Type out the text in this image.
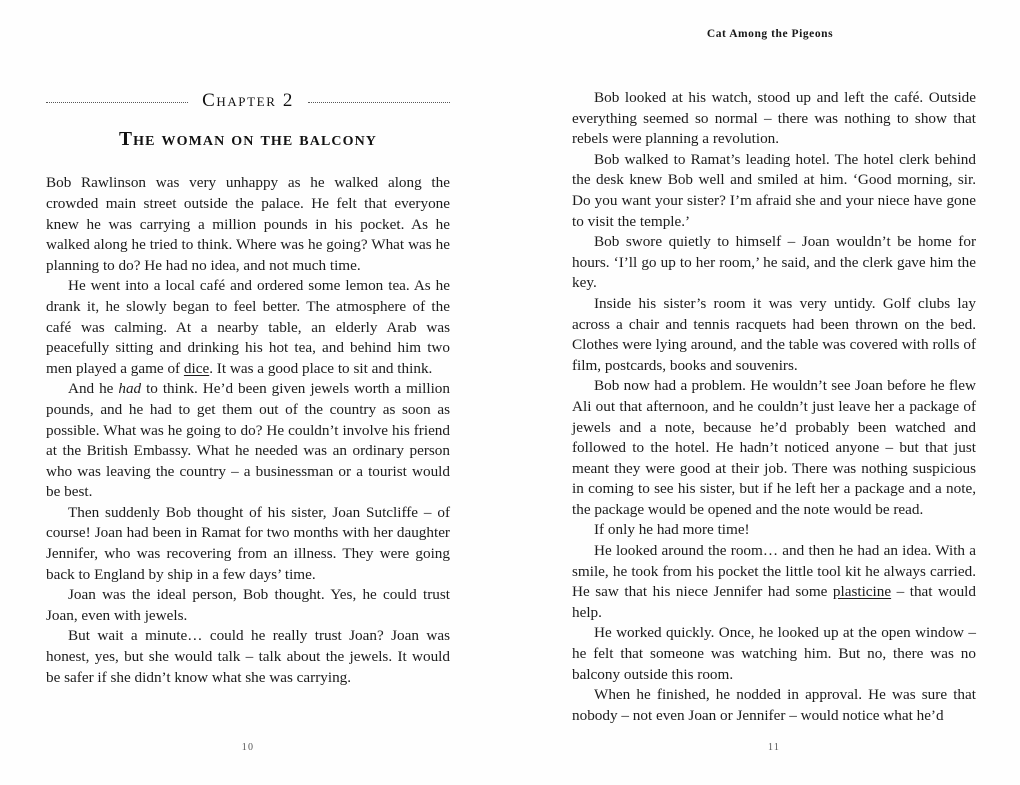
Cat Among the Pigeons
Chapter 2
The woman on the balcony

Bob Rawlinson was very unhappy as he walked along the crowded main street outside the palace. He felt that everyone knew he was carrying a million pounds in his pocket. As he walked along he tried to think. Where was he going? What was he planning to do? He had no idea, and not much time.

He went into a local café and ordered some lemon tea. As he drank it, he slowly began to feel better. The atmosphere of the café was calming. At a nearby table, an elderly Arab was peacefully sitting and drinking his hot tea, and behind him two men played a game of dice. It was a good place to sit and think.

And he had to think. He’d been given jewels worth a million pounds, and he had to get them out of the country as soon as possible. What was he going to do? He couldn’t involve his friend at the British Embassy. What he needed was an ordinary person who was leaving the country – a businessman or a tourist would be best.

Then suddenly Bob thought of his sister, Joan Sutcliffe – of course! Joan had been in Ramat for two months with her daughter Jennifer, who was recovering from an illness. They were going back to England by ship in a few days’ time.

Joan was the ideal person, Bob thought. Yes, he could trust Joan, even with jewels.

But wait a minute… could he really trust Joan? Joan was honest, yes, but she would talk – talk about the jewels. It would be safer if she didn’t know what she was carrying.

Bob looked at his watch, stood up and left the café. Outside everything seemed so normal – there was nothing to show that rebels were planning a revolution.

Bob walked to Ramat’s leading hotel. The hotel clerk behind the desk knew Bob well and smiled at him. ‘Good morning, sir. Do you want your sister? I’m afraid she and your niece have gone to visit the temple.’

Bob swore quietly to himself – Joan wouldn’t be home for hours. ‘I’ll go up to her room,’ he said, and the clerk gave him the key.

Inside his sister’s room it was very untidy. Golf clubs lay across a chair and tennis racquets had been thrown on the bed. Clothes were lying around, and the table was covered with rolls of film, postcards, books and souvenirs.

Bob now had a problem. He wouldn’t see Joan before he flew Ali out that afternoon, and he couldn’t just leave her a package of jewels and a note, because he’d probably been watched and followed to the hotel. He hadn’t noticed anyone – but that just meant they were good at their job. There was nothing suspicious in coming to see his sister, but if he left her a package and a note, the package would be opened and the note would be read.

If only he had more time!

He looked around the room… and then he had an idea. With a smile, he took from his pocket the little tool kit he always carried. He saw that his niece Jennifer had some plasticine – that would help.

He worked quickly. Once, he looked up at the open window – he felt that someone was watching him. But no, there was no balcony outside this room.

When he finished, he nodded in approval. He was sure that nobody – not even Joan or Jennifer – would notice what he’d

10	11
